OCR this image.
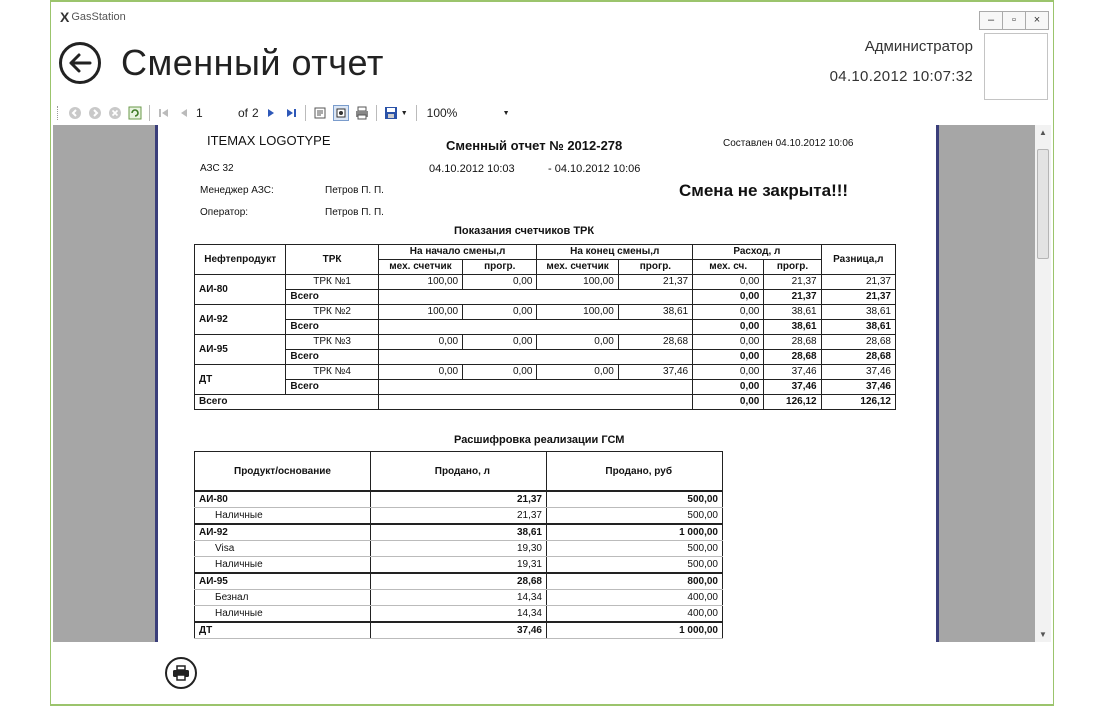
X GasStation	–	▫	×
Сменный отчет	Администратор
04.10.2012 10:07:32
1	of 2	▼ 100%	▼
ITEMAX LOGOTYPE	Сменный отчет № 2012-278	Составлен 04.10.2012 10:06
АЗС 32	04.10.2012 10:03	- 04.10.2012 10:06
Смена не закрыта!!!
Менеджер АЗС:	Петров П. П.
Оператор:	Петров П. П.
Показания счетчиков ТРК
Нефтепродукт	ТРК	На начало смены,л		На конец смены,л		Расход, л		Разница,л
		мех. счетчик	прогр.	мех. счетчик	прогр.	мех. сч.	прогр.	
АИ-80	ТРК №1	100,00	0,00	100,00	21,37	0,00	21,37	21,37
	Всего					0,00	21,37	21,37
АИ-92	ТРК №2	100,00	0,00	100,00	38,61	0,00	38,61	38,61
	Всего					0,00	38,61	38,61
АИ-95	ТРК №3	0,00	0,00	0,00	28,68	0,00	28,68	28,68
	Всего					0,00	28,68	28,68
ДТ	ТРК №4	0,00	0,00	0,00	37,46	0,00	37,46	37,46
	Всего					0,00	37,46	37,46
Всего						0,00	126,12	126,12
Расшифровка реализации ГСМ
Продукт/основание	Продано, л	Продано, руб
АИ-80	21,37	500,00
Наличные	21,37	500,00
АИ-92	38,61	1 000,00
Visa	19,30	500,00
Наличные	19,31	500,00
АИ-95	28,68	800,00
Безнал	14,34	400,00
Наличные	14,34	400,00
ДТ	37,46	1 000,00
▲
▼
